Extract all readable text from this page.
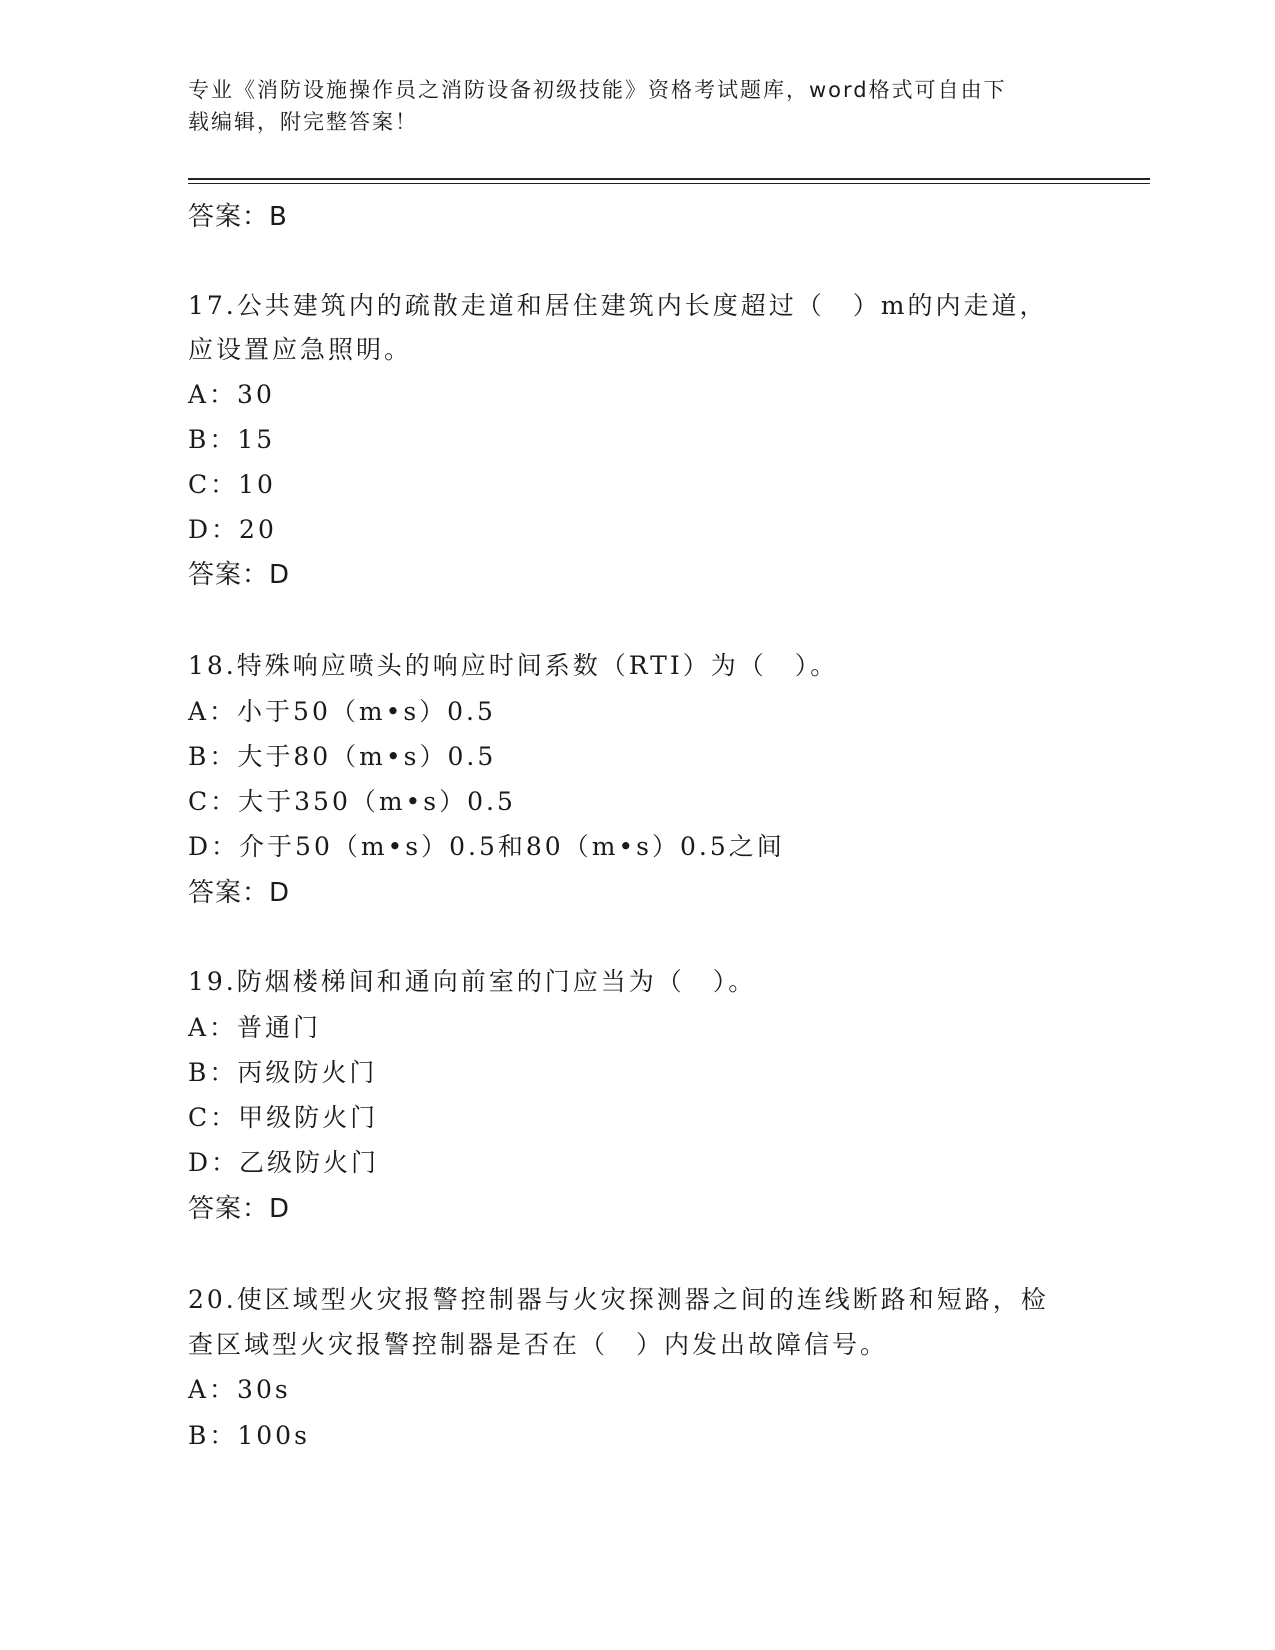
专业《消防设施操作员之消防设备初级技能》资格考试题库，word格式可自由下
载编辑，附完整答案！
答案：B
17.公共建筑内的疏散走道和居住建筑内长度超过（　）m的内走道，
应设置应急照明。
A：30
B：15
C：10
D：20
答案：D
18.特殊响应喷头的响应时间系数（RTI）为（　）。
A：小于50（m•s）0.5
B：大于80（m•s）0.5
C：大于350（m•s）0.5
D：介于50（m•s）0.5和80（m•s）0.5之间
答案：D
19.防烟楼梯间和通向前室的门应当为（　）。
A：普通门
B：丙级防火门
C：甲级防火门
D：乙级防火门
答案：D
20.使区域型火灾报警控制器与火灾探测器之间的连线断路和短路，检
查区域型火灾报警控制器是否在（　）内发出故障信号。
A：30s
B：100s
